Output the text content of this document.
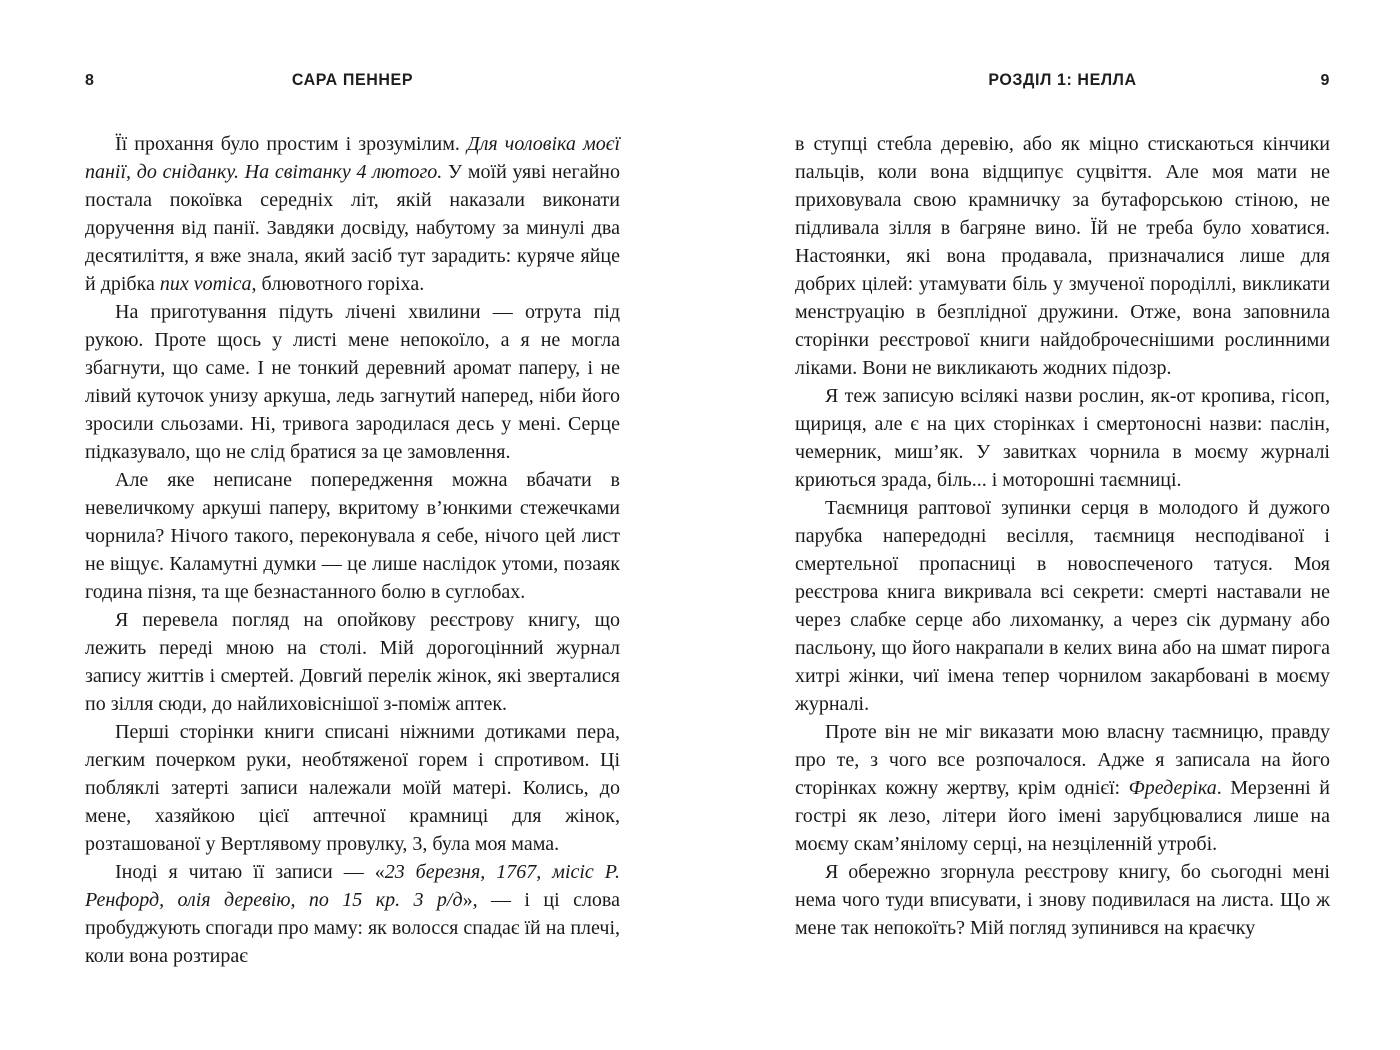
8	САРА ПЕННЕР

Її прохання було простим і зрозумілим. Для чоловіка моєї панії, до сніданку. На світанку 4 лютого. У моїй уяві негайно постала покоївка середніх літ, якій наказали виконати доручення від панії. Завдяки досвіду, набутому за минулі два десятиліття, я вже знала, який засіб тут зарадить: куряче яйце й дрібка nux vomica, блювотного горіха.

На приготування підуть лічені хвилини — отрута під рукою. Проте щось у листі мене непокоїло, а я не могла збагнути, що саме. І не тонкий деревний аромат паперу, і не лівий куточок унизу аркуша, ледь загнутий наперед, ніби його зросили сльозами. Ні, тривога зародилася десь у мені. Серце підказувало, що не слід братися за це замовлення.

Але яке неписане попередження можна вбачати в невеличкому аркуші паперу, вкритому в’юнкими стежечками чорнила? Нічого такого, переконувала я себе, нічого цей лист не віщує. Каламутні думки — це лише наслідок утоми, позаяк година пізня, та ще безнастанного болю в суглобах.

Я перевела погляд на опойкову реєстрову книгу, що лежить переді мною на столі. Мій дорогоцінний журнал запису життів і смертей. Довгий перелік жінок, які зверталися по зілля сюди, до найлиховіснішої з-поміж аптек.

Перші сторінки книги списані ніжними дотиками пера, легким почерком руки, необтяженої горем і спротивом. Ці побляклі затерті записи належали моїй матері. Колись, до мене, хазяйкою цієї аптечної крамниці для жінок, розташованої у Вертлявому провулку, 3, була моя мама.

Іноді я читаю її записи — «23 березня, 1767, місіс Р. Ренфорд, олія деревію, по 15 кр. 3 р/д», — і ці слова пробуджують спогади про маму: як волосся спадає їй на плечі, коли вона розтирає

РОЗДІЛ 1: НЕЛЛА	9

в ступці стебла деревію, або як міцно стискаються кінчики пальців, коли вона відщипує суцвіття. Але моя мати не приховувала свою крамничку за бутафорською стіною, не підливала зілля в багряне вино. Їй не треба було ховатися. Настоянки, які вона продавала, призначалися лише для добрих цілей: утамувати біль у змученої породіллі, викликати менструацію в безплідної дружини. Отже, вона заповнила сторінки реєстрової книги найдоброчеснішими рослинними ліками. Вони не викликають жодних підозр.

Я теж записую всілякі назви рослин, як-от кропива, гісоп, щириця, але є на цих сторінках і смертоносні назви: паслін, чемерник, миш’як. У завитках чорнила в моєму журналі криються зрада, біль... і моторошні таємниці.

Таємниця раптової зупинки серця в молодого й дужого парубка напередодні весілля, таємниця несподіваної і смертельної пропасниці в новоспеченого татуся. Моя реєстрова книга викривала всі секрети: смерті наставали не через слабке серце або лихоманку, а через сік дурману або пасльону, що його накрапали в келих вина або на шмат пирога хитрі жінки, чиї імена тепер чорнилом закарбовані в моєму журналі.

Проте він не міг виказати мою власну таємницю, правду про те, з чого все розпочалося. Адже я записала на його сторінках кожну жертву, крім однієї: Фредеріка. Мерзенні й гострі як лезо, літери його імені зарубцювалися лише на моєму скам’янілому серці, на незціленній утробі.

Я обережно згорнула реєстрову книгу, бо сьогодні мені нема чого туди вписувати, і знову подивилася на листа. Що ж мене так непокоїть? Мій погляд зупинився на краєчку
